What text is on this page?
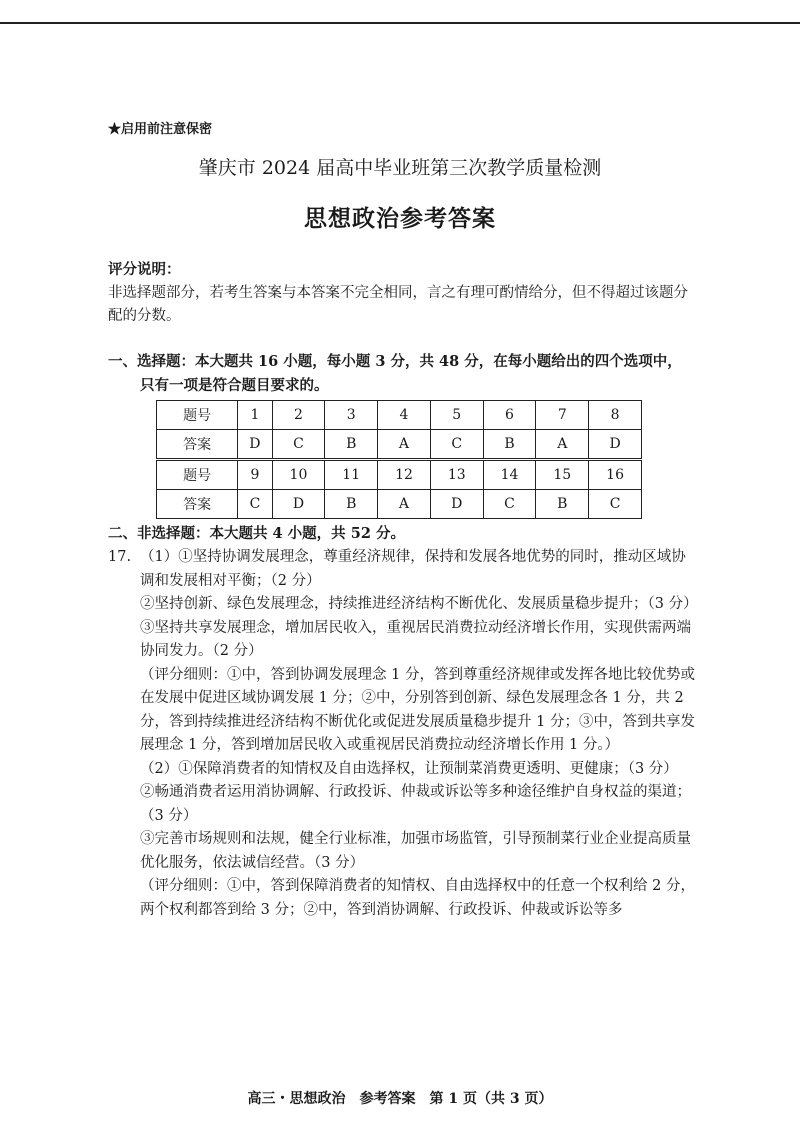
★启用前注意保密
肇庆市 2024 届高中毕业班第三次教学质量检测
思想政治参考答案

评分说明：

非选择题部分，若考生答案与本答案不完全相同，言之有理可酌情给分，但不得超过该题分配的分数。

一、选择题：本大题共 16 小题，每小题 3 分，共 48 分，在每小题给出的四个选项中，

只有一项是符合题目要求的。

题号	1	2	3	4	5	6	7	8
答案	D	C	B	A	C	B	A	D
题号	9	10	11	12	13	14	15	16
答案	C	D	B	A	D	C	B	C
二、非选择题：本大题共 4 小题，共 52 分。
17. （1）①坚持协调发展理念，尊重经济规律，保持和发展各地优势的同时，推动区域协调和发展相对平衡；（2 分）

②坚持创新、绿色发展理念，持续推进经济结构不断优化、发展质量稳步提升；（3 分）

③坚持共享发展理念，增加居民收入，重视居民消费拉动经济增长作用，实现供需两端协同发力。（2 分）

（评分细则：①中，答到协调发展理念 1 分，答到尊重经济规律或发挥各地比较优势或在发展中促进区域协调发展 1 分；②中，分别答到创新、绿色发展理念各 1 分，共 2 分，答到持续推进经济结构不断优化或促进发展质量稳步提升 1 分；③中，答到共享发展理念 1 分，答到增加居民收入或重视居民消费拉动经济增长作用 1 分。）

（2）①保障消费者的知情权及自由选择权，让预制菜消费更透明、更健康；（3 分）

②畅通消费者运用消协调解、行政投诉、仲裁或诉讼等多种途径维护自身权益的渠道；（3 分）

③完善市场规则和法规，健全行业标准，加强市场监管，引导预制菜行业企业提高质量优化服务，依法诚信经营。（3 分）

（评分细则：①中，答到保障消费者的知情权、自由选择权中的任意一个权利给 2 分，两个权利都答到给 3 分；②中，答到消协调解、行政投诉、仲裁或诉讼等多

高三・思想政治　参考答案　第 1 页（共 3 页）
